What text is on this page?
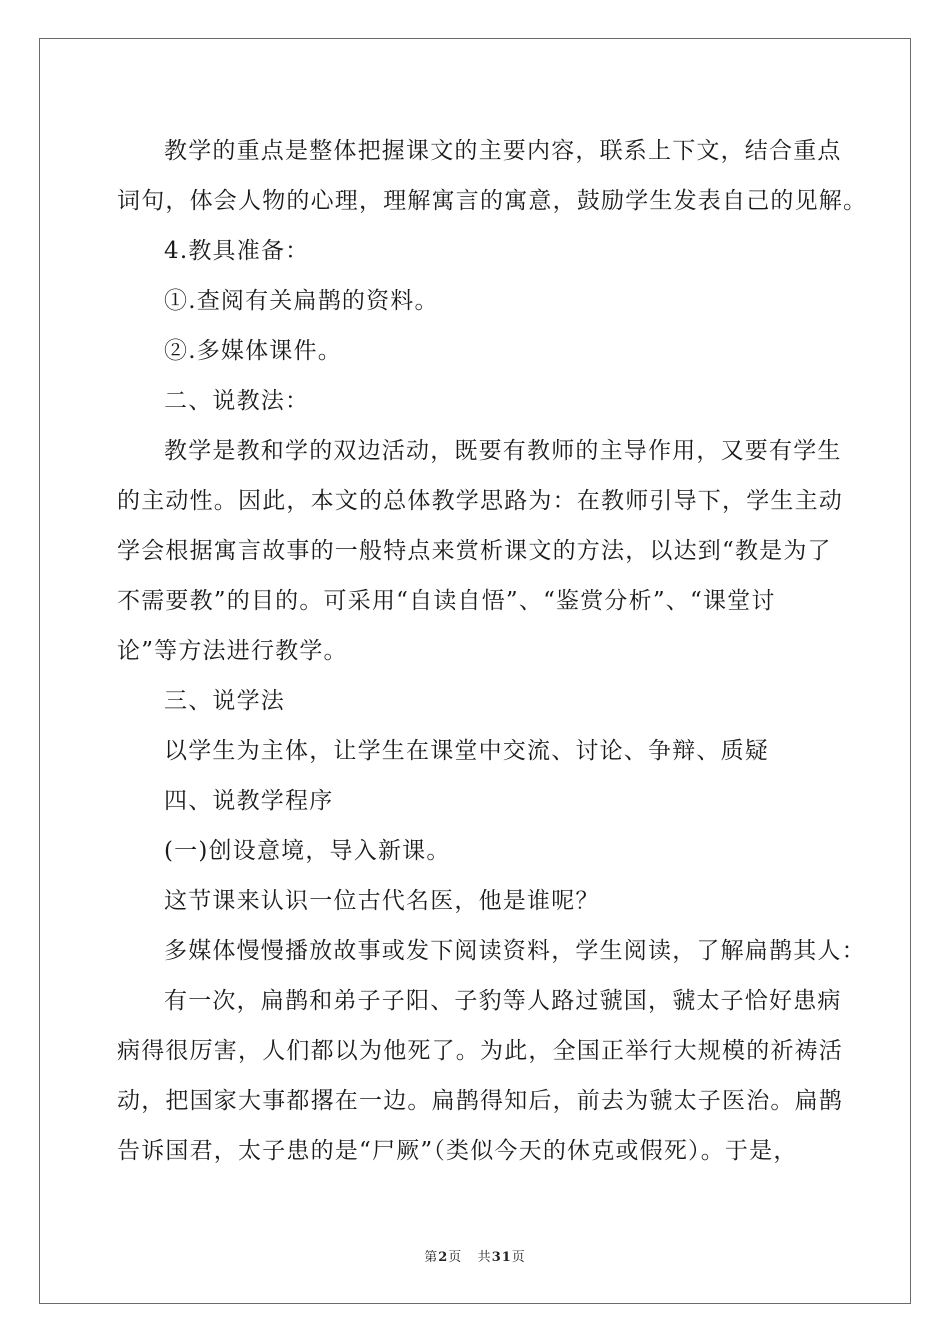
教学的重点是整体把握课文的主要内容，联系上下文，结合重点
词句，体会人物的心理，理解寓言的寓意，鼓励学生发表自己的见解。
4.教具准备：
①.查阅有关扁鹊的资料。
②.多媒体课件。
二、说教法：
教学是教和学的双边活动，既要有教师的主导作用，又要有学生
的主动性。因此，本文的总体教学思路为：在教师引导下，学生主动
学会根据寓言故事的一般特点来赏析课文的方法，以达到“教是为了
不需要教”的目的。可采用“自读自悟”、“鉴赏分析”、“课堂讨
论”等方法进行教学。
三、说学法
以学生为主体，让学生在课堂中交流、讨论、争辩、质疑
四、说教学程序
(一)创设意境，导入新课。
这节课来认识一位古代名医，他是谁呢？
多媒体慢慢播放故事或发下阅读资料，学生阅读，了解扁鹊其人：
有一次，扁鹊和弟子子阳、子豹等人路过虢国，虢太子恰好患病
病得很厉害，人们都以为他死了。为此，全国正举行大规模的祈祷活
动，把国家大事都撂在一边。扁鹊得知后，前去为虢太子医治。扁鹊
告诉国君，太子患的是“尸厥”（类似今天的休克或假死）。于是，
第2页 共31页
